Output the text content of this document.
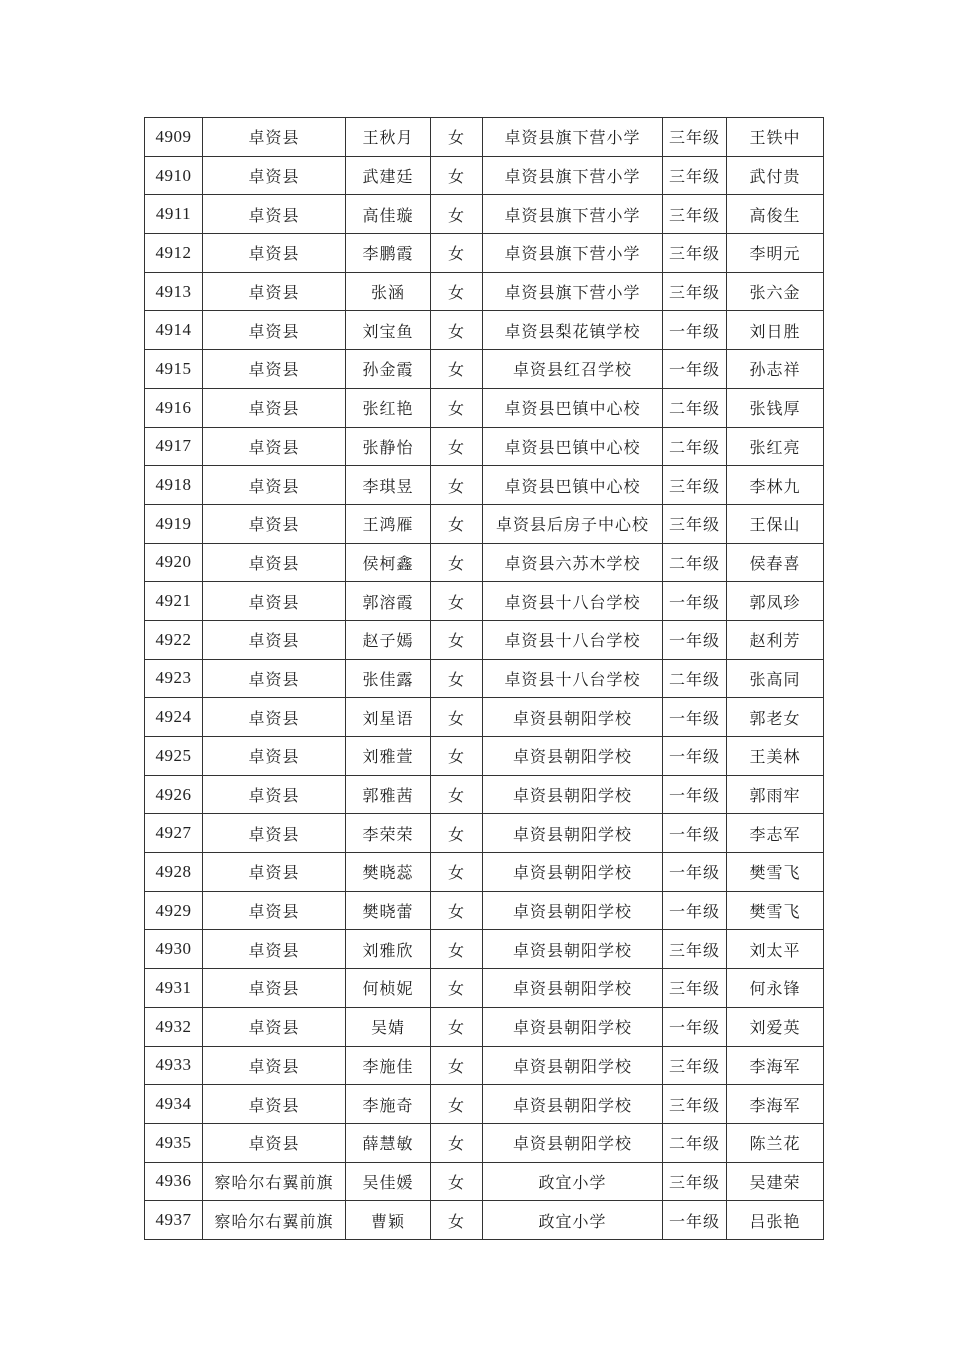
4909	卓资县	王秋月	女	卓资县旗下营小学	三年级	王铁中
4910	卓资县	武建廷	女	卓资县旗下营小学	三年级	武付贵
4911	卓资县	高佳璇	女	卓资县旗下营小学	三年级	高俊生
4912	卓资县	李鹏霞	女	卓资县旗下营小学	三年级	李明元
4913	卓资县	张涵	女	卓资县旗下营小学	三年级	张六金
4914	卓资县	刘宝鱼	女	卓资县梨花镇学校	一年级	刘日胜
4915	卓资县	孙金霞	女	卓资县红召学校	一年级	孙志祥
4916	卓资县	张红艳	女	卓资县巴镇中心校	二年级	张钱厚
4917	卓资县	张静怡	女	卓资县巴镇中心校	二年级	张红亮
4918	卓资县	李琪昱	女	卓资县巴镇中心校	三年级	李林九
4919	卓资县	王鸿雁	女	卓资县后房子中心校	三年级	王保山
4920	卓资县	侯柯鑫	女	卓资县六苏木学校	二年级	侯春喜
4921	卓资县	郭溶霞	女	卓资县十八台学校	一年级	郭凤珍
4922	卓资县	赵子嫣	女	卓资县十八台学校	一年级	赵利芳
4923	卓资县	张佳露	女	卓资县十八台学校	二年级	张高同
4924	卓资县	刘星语	女	卓资县朝阳学校	一年级	郭老女
4925	卓资县	刘雅萱	女	卓资县朝阳学校	一年级	王美林
4926	卓资县	郭雅茜	女	卓资县朝阳学校	一年级	郭雨牢
4927	卓资县	李荣荣	女	卓资县朝阳学校	一年级	李志军
4928	卓资县	樊晓蕊	女	卓资县朝阳学校	一年级	樊雪飞
4929	卓资县	樊晓蕾	女	卓资县朝阳学校	一年级	樊雪飞
4930	卓资县	刘雅欣	女	卓资县朝阳学校	三年级	刘太平
4931	卓资县	何桢妮	女	卓资县朝阳学校	三年级	何永锋
4932	卓资县	吴婧	女	卓资县朝阳学校	一年级	刘爱英
4933	卓资县	李施佳	女	卓资县朝阳学校	三年级	李海军
4934	卓资县	李施奇	女	卓资县朝阳学校	三年级	李海军
4935	卓资县	薛慧敏	女	卓资县朝阳学校	二年级	陈兰花
4936	察哈尔右翼前旗	吴佳媛	女	政宜小学	三年级	吴建荣
4937	察哈尔右翼前旗	曹颖	女	政宜小学	一年级	吕张艳
